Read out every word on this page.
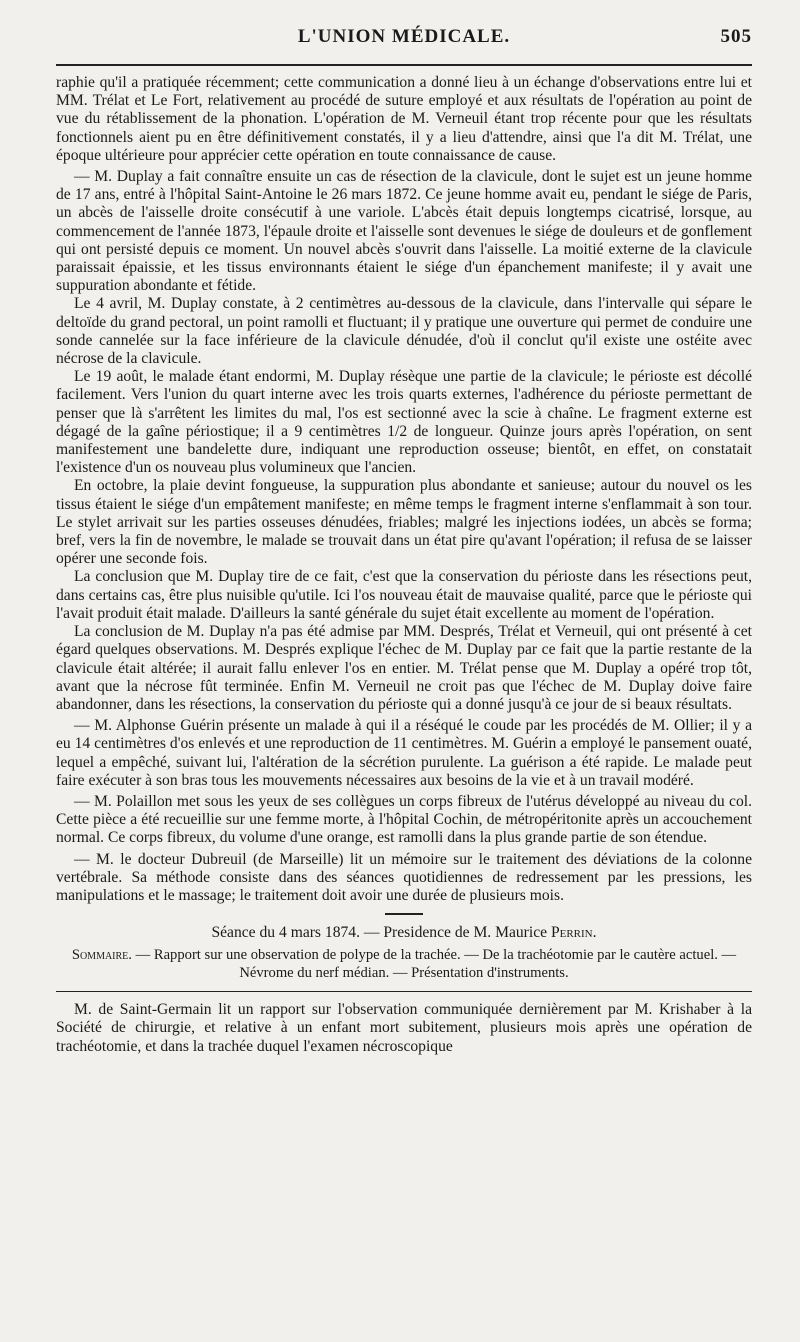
L'UNION MÉDICALE.	505

raphie qu'il a pratiquée récemment; cette communication a donné lieu à un échange d'observations entre lui et MM. Trélat et Le Fort, relativement au procédé de suture employé et aux résultats de l'opération au point de vue du rétablissement de la phonation. L'opération de M. Verneuil étant trop récente pour que les résultats fonctionnels aient pu en être définitivement constatés, il y a lieu d'attendre, ainsi que l'a dit M. Trélat, une époque ultérieure pour apprécier cette opération en toute connaissance de cause.

— M. Duplay a fait connaître ensuite un cas de résection de la clavicule, dont le sujet est un jeune homme de 17 ans, entré à l'hôpital Saint-Antoine le 26 mars 1872. Ce jeune homme avait eu, pendant le siége de Paris, un abcès de l'aisselle droite consécutif à une variole. L'abcès était depuis longtemps cicatrisé, lorsque, au commencement de l'année 1873, l'épaule droite et l'aisselle sont devenues le siége de douleurs et de gonflement qui ont persisté depuis ce moment. Un nouvel abcès s'ouvrit dans l'aisselle. La moitié externe de la clavicule paraissait épaissie, et les tissus environnants étaient le siége d'un épanchement manifeste; il y avait une suppuration abondante et fétide.

Le 4 avril, M. Duplay constate, à 2 centimètres au-dessous de la clavicule, dans l'intervalle qui sépare le deltoïde du grand pectoral, un point ramolli et fluctuant; il y pratique une ouverture qui permet de conduire une sonde cannelée sur la face inférieure de la clavicule dénudée, d'où il conclut qu'il existe une ostéite avec nécrose de la clavicule.

Le 19 août, le malade étant endormi, M. Duplay résèque une partie de la clavicule; le périoste est décollé facilement. Vers l'union du quart interne avec les trois quarts externes, l'adhérence du périoste permettant de penser que là s'arrêtent les limites du mal, l'os est sectionné avec la scie à chaîne. Le fragment externe est dégagé de la gaîne périostique; il a 9 centimètres 1/2 de longueur. Quinze jours après l'opération, on sent manifestement une bandelette dure, indiquant une reproduction osseuse; bientôt, en effet, on constatait l'existence d'un os nouveau plus volumineux que l'ancien.

En octobre, la plaie devint fongueuse, la suppuration plus abondante et sanieuse; autour du nouvel os les tissus étaient le siége d'un empâtement manifeste; en même temps le fragment interne s'enflammait à son tour. Le stylet arrivait sur les parties osseuses dénudées, friables; malgré les injections iodées, un abcès se forma; bref, vers la fin de novembre, le malade se trouvait dans un état pire qu'avant l'opération; il refusa de se laisser opérer une seconde fois.

La conclusion que M. Duplay tire de ce fait, c'est que la conservation du périoste dans les résections peut, dans certains cas, être plus nuisible qu'utile. Ici l'os nouveau était de mauvaise qualité, parce que le périoste qui l'avait produit était malade. D'ailleurs la santé générale du sujet était excellente au moment de l'opération.

La conclusion de M. Duplay n'a pas été admise par MM. Després, Trélat et Verneuil, qui ont présenté à cet égard quelques observations. M. Després explique l'échec de M. Duplay par ce fait que la partie restante de la clavicule était altérée; il aurait fallu enlever l'os en entier. M. Trélat pense que M. Duplay a opéré trop tôt, avant que la nécrose fût terminée. Enfin M. Verneuil ne croit pas que l'échec de M. Duplay doive faire abandonner, dans les résections, la conservation du périoste qui a donné jusqu'à ce jour de si beaux résultats.

— M. Alphonse Guérin présente un malade à qui il a réséqué le coude par les procédés de M. Ollier; il y a eu 14 centimètres d'os enlevés et une reproduction de 11 centimètres. M. Guérin a employé le pansement ouaté, lequel a empêché, suivant lui, l'altération de la sécrétion purulente. La guérison a été rapide. Le malade peut faire exécuter à son bras tous les mouvements nécessaires aux besoins de la vie et à un travail modéré.

— M. Polaillon met sous les yeux de ses collègues un corps fibreux de l'utérus développé au niveau du col. Cette pièce a été recueillie sur une femme morte, à l'hôpital Cochin, de métropéritonite après un accouchement normal. Ce corps fibreux, du volume d'une orange, est ramolli dans la plus grande partie de son étendue.

— M. le docteur Dubreuil (de Marseille) lit un mémoire sur le traitement des déviations de la colonne vertébrale. Sa méthode consiste dans des séances quotidiennes de redressement par les pressions, les manipulations et le massage; le traitement doit avoir une durée de plusieurs mois.

Séance du 4 mars 1874. — Presidence de M. Maurice Perrin.
Sommaire. — Rapport sur une observation de polype de la trachée. — De la trachéotomie par le cautère actuel. — Névrome du nerf médian. — Présentation d'instruments.

M. de Saint-Germain lit un rapport sur l'observation communiquée dernièrement par M. Krishaber à la Société de chirurgie, et relative à un enfant mort subitement, plusieurs mois après une opération de trachéotomie, et dans la trachée duquel l'examen nécroscopique
